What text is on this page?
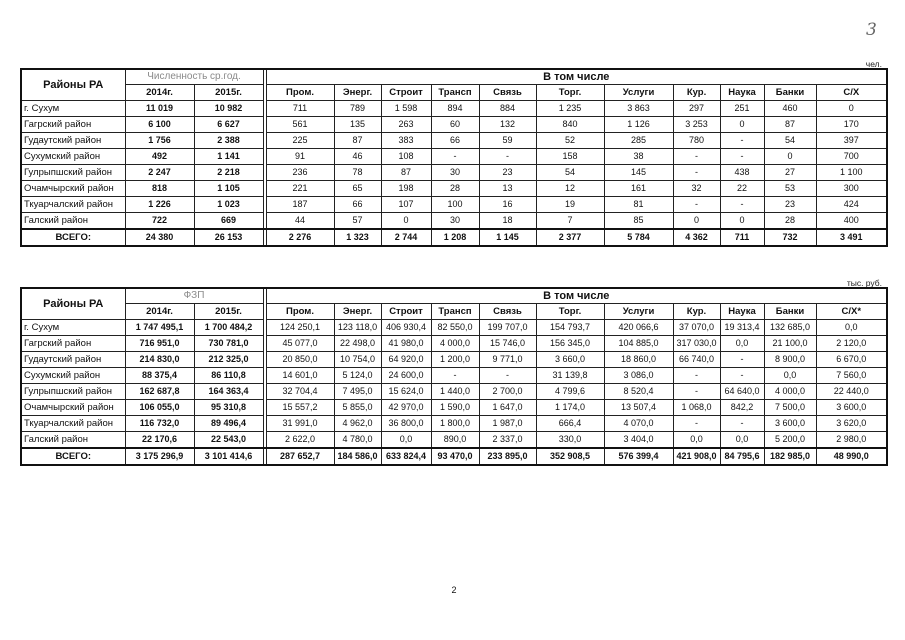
3
чел.
Районы РА	Численность ср.год.			В том числе										
	2014г.	2015г.		Пром.	Энерг.	Строит	Трансп	Связь	Торг.	Услуги	Кур.	Наука	Банки	С/Х
г. Сухум	11 019	10 982		711	789	1 598	894	884	1 235	3 863	297	251	460	0
Гагрский район	6 100	6 627		561	135	263	60	132	840	1 126	3 253	0	87	170
Гудаутский район	1 756	2 388		225	87	383	66	59	52	285	780	-	54	397
Сухумский район	492	1 141		91	46	108	-	-	158	38	-	-	0	700
Гулрыпшский район	2 247	2 218		236	78	87	30	23	54	145	-	438	27	1 100
Очамчырский район	818	1 105		221	65	198	28	13	12	161	32	22	53	300
Ткуарчалский район	1 226	1 023		187	66	107	100	16	19	81	-	-	23	424
Галский район	722	669		44	57	0	30	18	7	85	0	0	28	400
ВСЕГО:	24 380	26 153		2 276	1 323	2 744	1 208	1 145	2 377	5 784	4 362	711	732	3 491
тыс. руб.
Районы РА	ФЗП			В том числе										
	2014г.	2015г.		Пром.	Энерг.	Строит	Трансп	Связь	Торг.	Услуги	Кур.	Наука	Банки	С/Х*
г. Сухум	1 747 495,1	1 700 484,2		124 250,1	123 118,0	406 930,4	82 550,0	199 707,0	154 793,7	420 066,6	37 070,0	19 313,4	132 685,0	0,0
Гагрский район	716 951,0	730 781,0		45 077,0	22 498,0	41 980,0	4 000,0	15 746,0	156 345,0	104 885,0	317 030,0	0,0	21 100,0	2 120,0
Гудаутский район	214 830,0	212 325,0		20 850,0	10 754,0	64 920,0	1 200,0	9 771,0	3 660,0	18 860,0	66 740,0	-	8 900,0	6 670,0
Сухумский район	88 375,4	86 110,8		14 601,0	5 124,0	24 600,0	-	-	31 139,8	3 086,0	-	-	0,0	7 560,0
Гулрыпшский район	162 687,8	164 363,4		32 704,4	7 495,0	15 624,0	1 440,0	2 700,0	4 799,6	8 520,4	-	64 640,0	4 000,0	22 440,0
Очамчырский район	106 055,0	95 310,8		15 557,2	5 855,0	42 970,0	1 590,0	1 647,0	1 174,0	13 507,4	1 068,0	842,2	7 500,0	3 600,0
Ткуарчалский район	116 732,0	89 496,4		31 991,0	4 962,0	36 800,0	1 800,0	1 987,0	666,4	4 070,0	-	-	3 600,0	3 620,0
Галский район	22 170,6	22 543,0		2 622,0	4 780,0	0,0	890,0	2 337,0	330,0	3 404,0	0,0	0,0	5 200,0	2 980,0
ВСЕГО:	3 175 296,9	3 101 414,6		287 652,7	184 586,0	633 824,4	93 470,0	233 895,0	352 908,5	576 399,4	421 908,0	84 795,6	182 985,0	48 990,0
2
